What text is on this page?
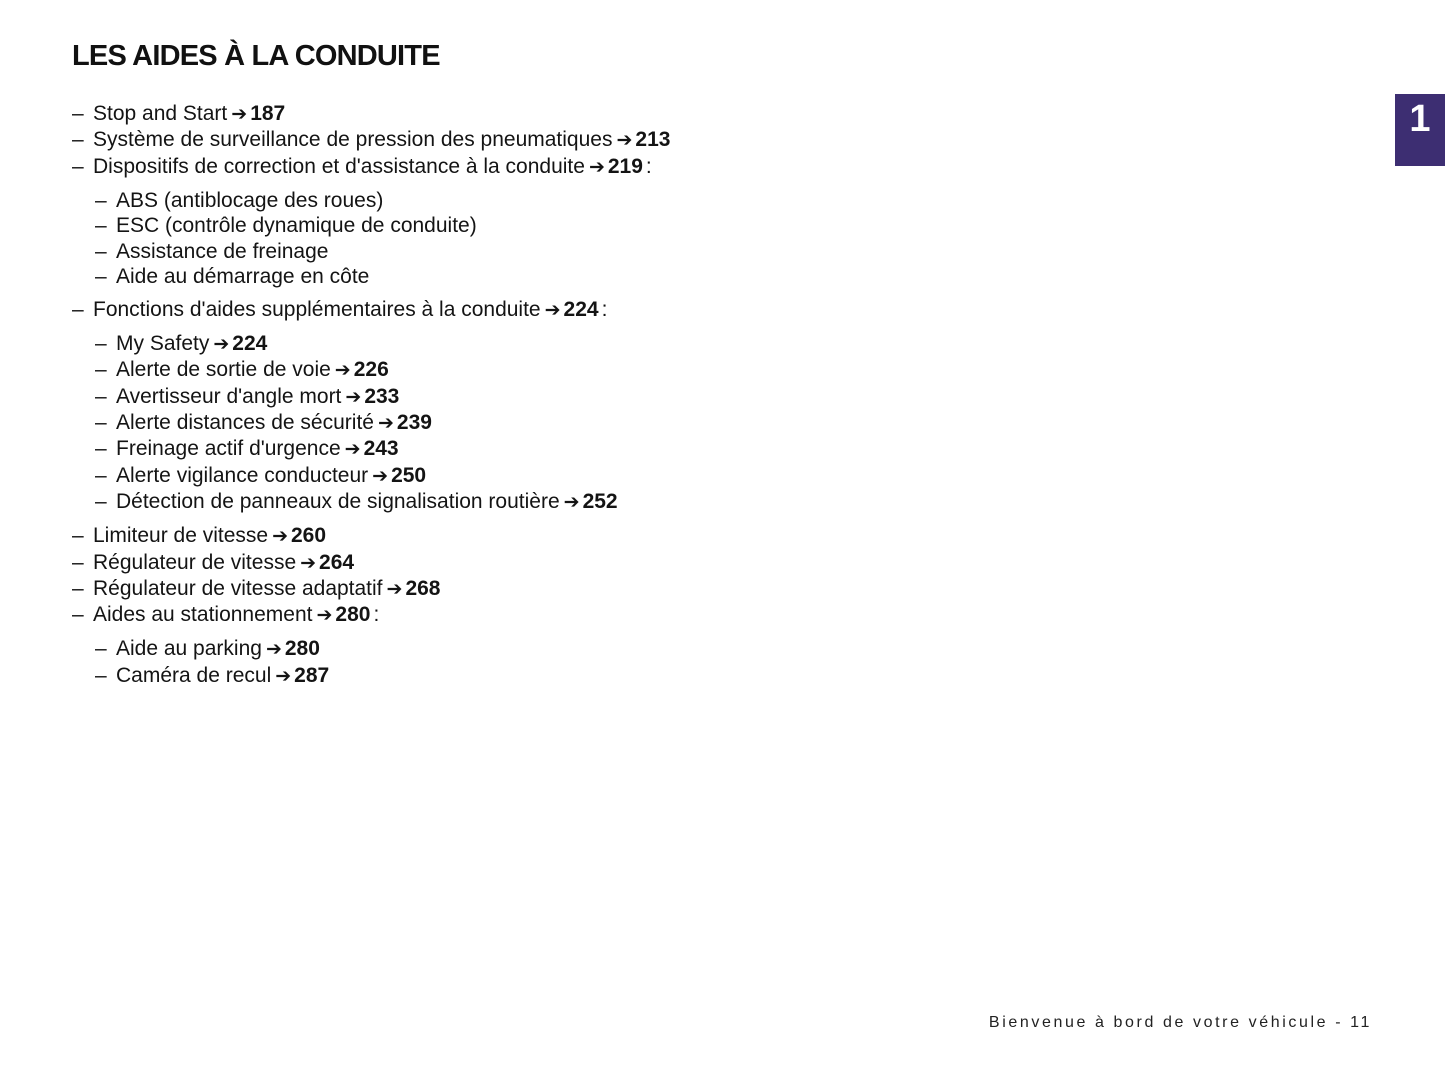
LES AIDES À LA CONDUITE
1
– Stop and Start ➔ 187
– Système de surveillance de pression des pneumatiques ➔ 213
– Dispositifs de correction et d'assistance à la conduite ➔ 219 :
– ABS (antiblocage des roues)
– ESC (contrôle dynamique de conduite)
– Assistance de freinage
– Aide au démarrage en côte
– Fonctions d'aides supplémentaires à la conduite ➔ 224 :
– My Safety ➔ 224
– Alerte de sortie de voie ➔ 226
– Avertisseur d'angle mort ➔ 233
– Alerte distances de sécurité ➔ 239
– Freinage actif d'urgence ➔ 243
– Alerte vigilance conducteur ➔ 250
– Détection de panneaux de signalisation routière ➔ 252
– Limiteur de vitesse ➔ 260
– Régulateur de vitesse ➔ 264
– Régulateur de vitesse adaptatif ➔ 268
– Aides au stationnement ➔ 280 :
– Aide au parking ➔ 280
– Caméra de recul ➔ 287
Bienvenue à bord de votre véhicule - 11
